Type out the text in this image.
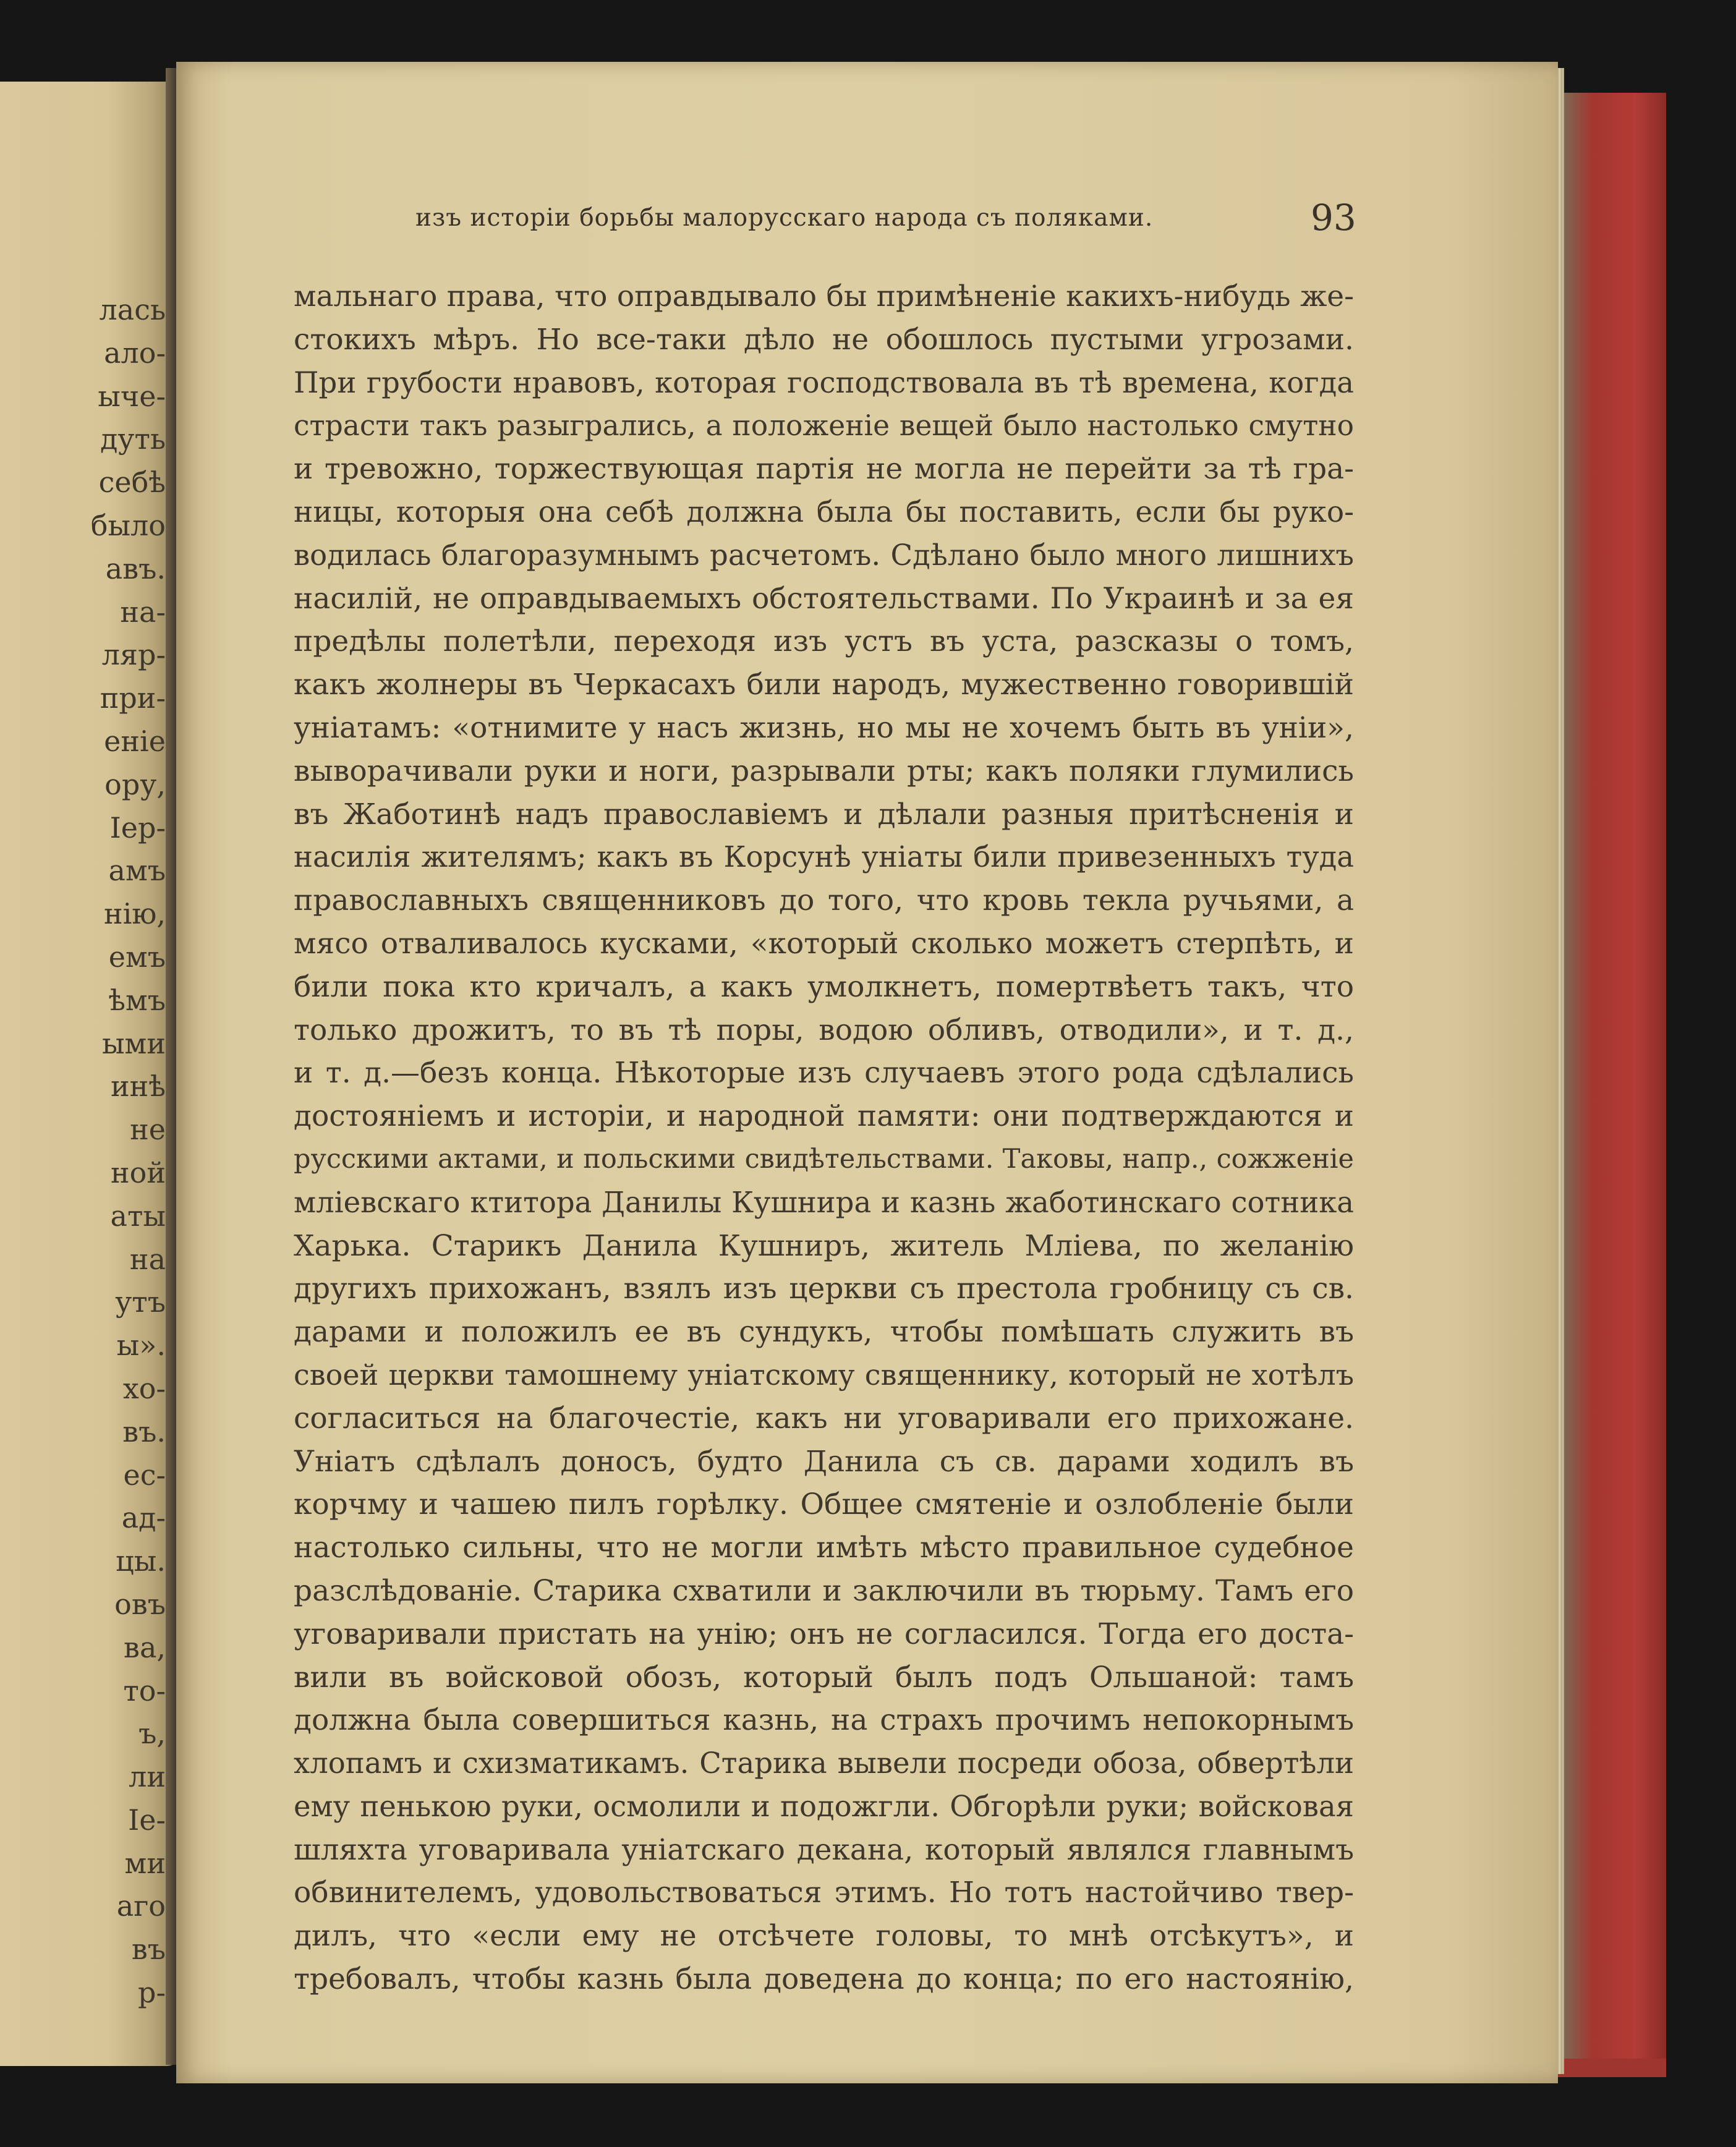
лась
ало-
ыче-
дуть
себѣ
было
авъ.
на-
ляр-
при-
еніе
ору,
Іер-
амъ
нію,
емъ
ѣмъ
ыми
инѣ
не
ной
аты
на
утъ
ы».
хо-
въ.
ес-
ад-
цы.
овъ
ва,
то-
ъ,
ли
Іе-
ми
аго
въ
р-
изъ исторіи борьбы малорусскаго народа съ поляками.	93
мальнаго права, что оправдывало бы примѣненіе какихъ-нибудь же-
стокихъ мѣръ. Но все-таки дѣло не обошлось пустыми угрозами.
При грубости нравовъ, которая господствовала въ тѣ времена, когда
страсти такъ разыгрались, а положеніе вещей было настолько смутно
и тревожно, торжествующая партія не могла не перейти за тѣ гра-
ницы, которыя она себѣ должна была бы поставить, если бы руко-
водилась благоразумнымъ расчетомъ. Сдѣлано было много лишнихъ
насилій, не оправдываемыхъ обстоятельствами. По Украинѣ и за ея
предѣлы полетѣли, переходя изъ устъ въ уста, разсказы о томъ,
какъ жолнеры въ Черкасахъ били народъ, мужественно говорившій
уніатамъ: «отнимите у насъ жизнь, но мы не хочемъ быть въ уніи»,
выворачивали руки и ноги, разрывали рты; какъ поляки глумились
въ Жаботинѣ надъ православіемъ и дѣлали разныя притѣсненія и
насилія жителямъ; какъ въ Корсунѣ уніаты били привезенныхъ туда
православныхъ священниковъ до того, что кровь текла ручьями, а
мясо отваливалось кусками, «который сколько можетъ стерпѣть, и
били пока кто кричалъ, а какъ умолкнетъ, помертвѣетъ такъ, что
только дрожитъ, то въ тѣ поры, водою обливъ, отводили», и т. д.,
и т. д.—безъ конца. Нѣкоторые изъ случаевъ этого рода сдѣлались
достояніемъ и исторіи, и народной памяти: они подтверждаются и
русскими актами, и польскими свидѣтельствами. Таковы, напр., сожженіе
мліевскаго ктитора Данилы Кушнира и казнь жаботинскаго сотника
Харька. Старикъ Данила Кушниръ, житель Мліева, по желанію
другихъ прихожанъ, взялъ изъ церкви съ престола гробницу съ св.
дарами и положилъ ее въ сундукъ, чтобы помѣшать служить въ
своей церкви тамошнему уніатскому священнику, который не хотѣлъ
согласиться на благочестіе, какъ ни уговаривали его прихожане.
Уніатъ сдѣлалъ доносъ, будто Данила съ св. дарами ходилъ въ
корчму и чашею пилъ горѣлку. Общее смятеніе и озлобленіе были
настолько сильны, что не могли имѣть мѣсто правильное судебное
разслѣдованіе. Старика схватили и заключили въ тюрьму. Тамъ его
уговаривали пристать на унію; онъ не согласился. Тогда его доста-
вили въ войсковой обозъ, который былъ подъ Ольшаной: тамъ
должна была совершиться казнь, на страхъ прочимъ непокорнымъ
хлопамъ и схизматикамъ. Старика вывели посреди обоза, обвертѣли
ему пенькою руки, осмолили и подожгли. Обгорѣли руки; войсковая
шляхта уговаривала уніатскаго декана, который являлся главнымъ
обвинителемъ, удовольствоваться этимъ. Но тотъ настойчиво твер-
дилъ, что «если ему не отсѣчете головы, то мнѣ отсѣкутъ», и
требовалъ, чтобы казнь была доведена до конца; по его настоянію,
